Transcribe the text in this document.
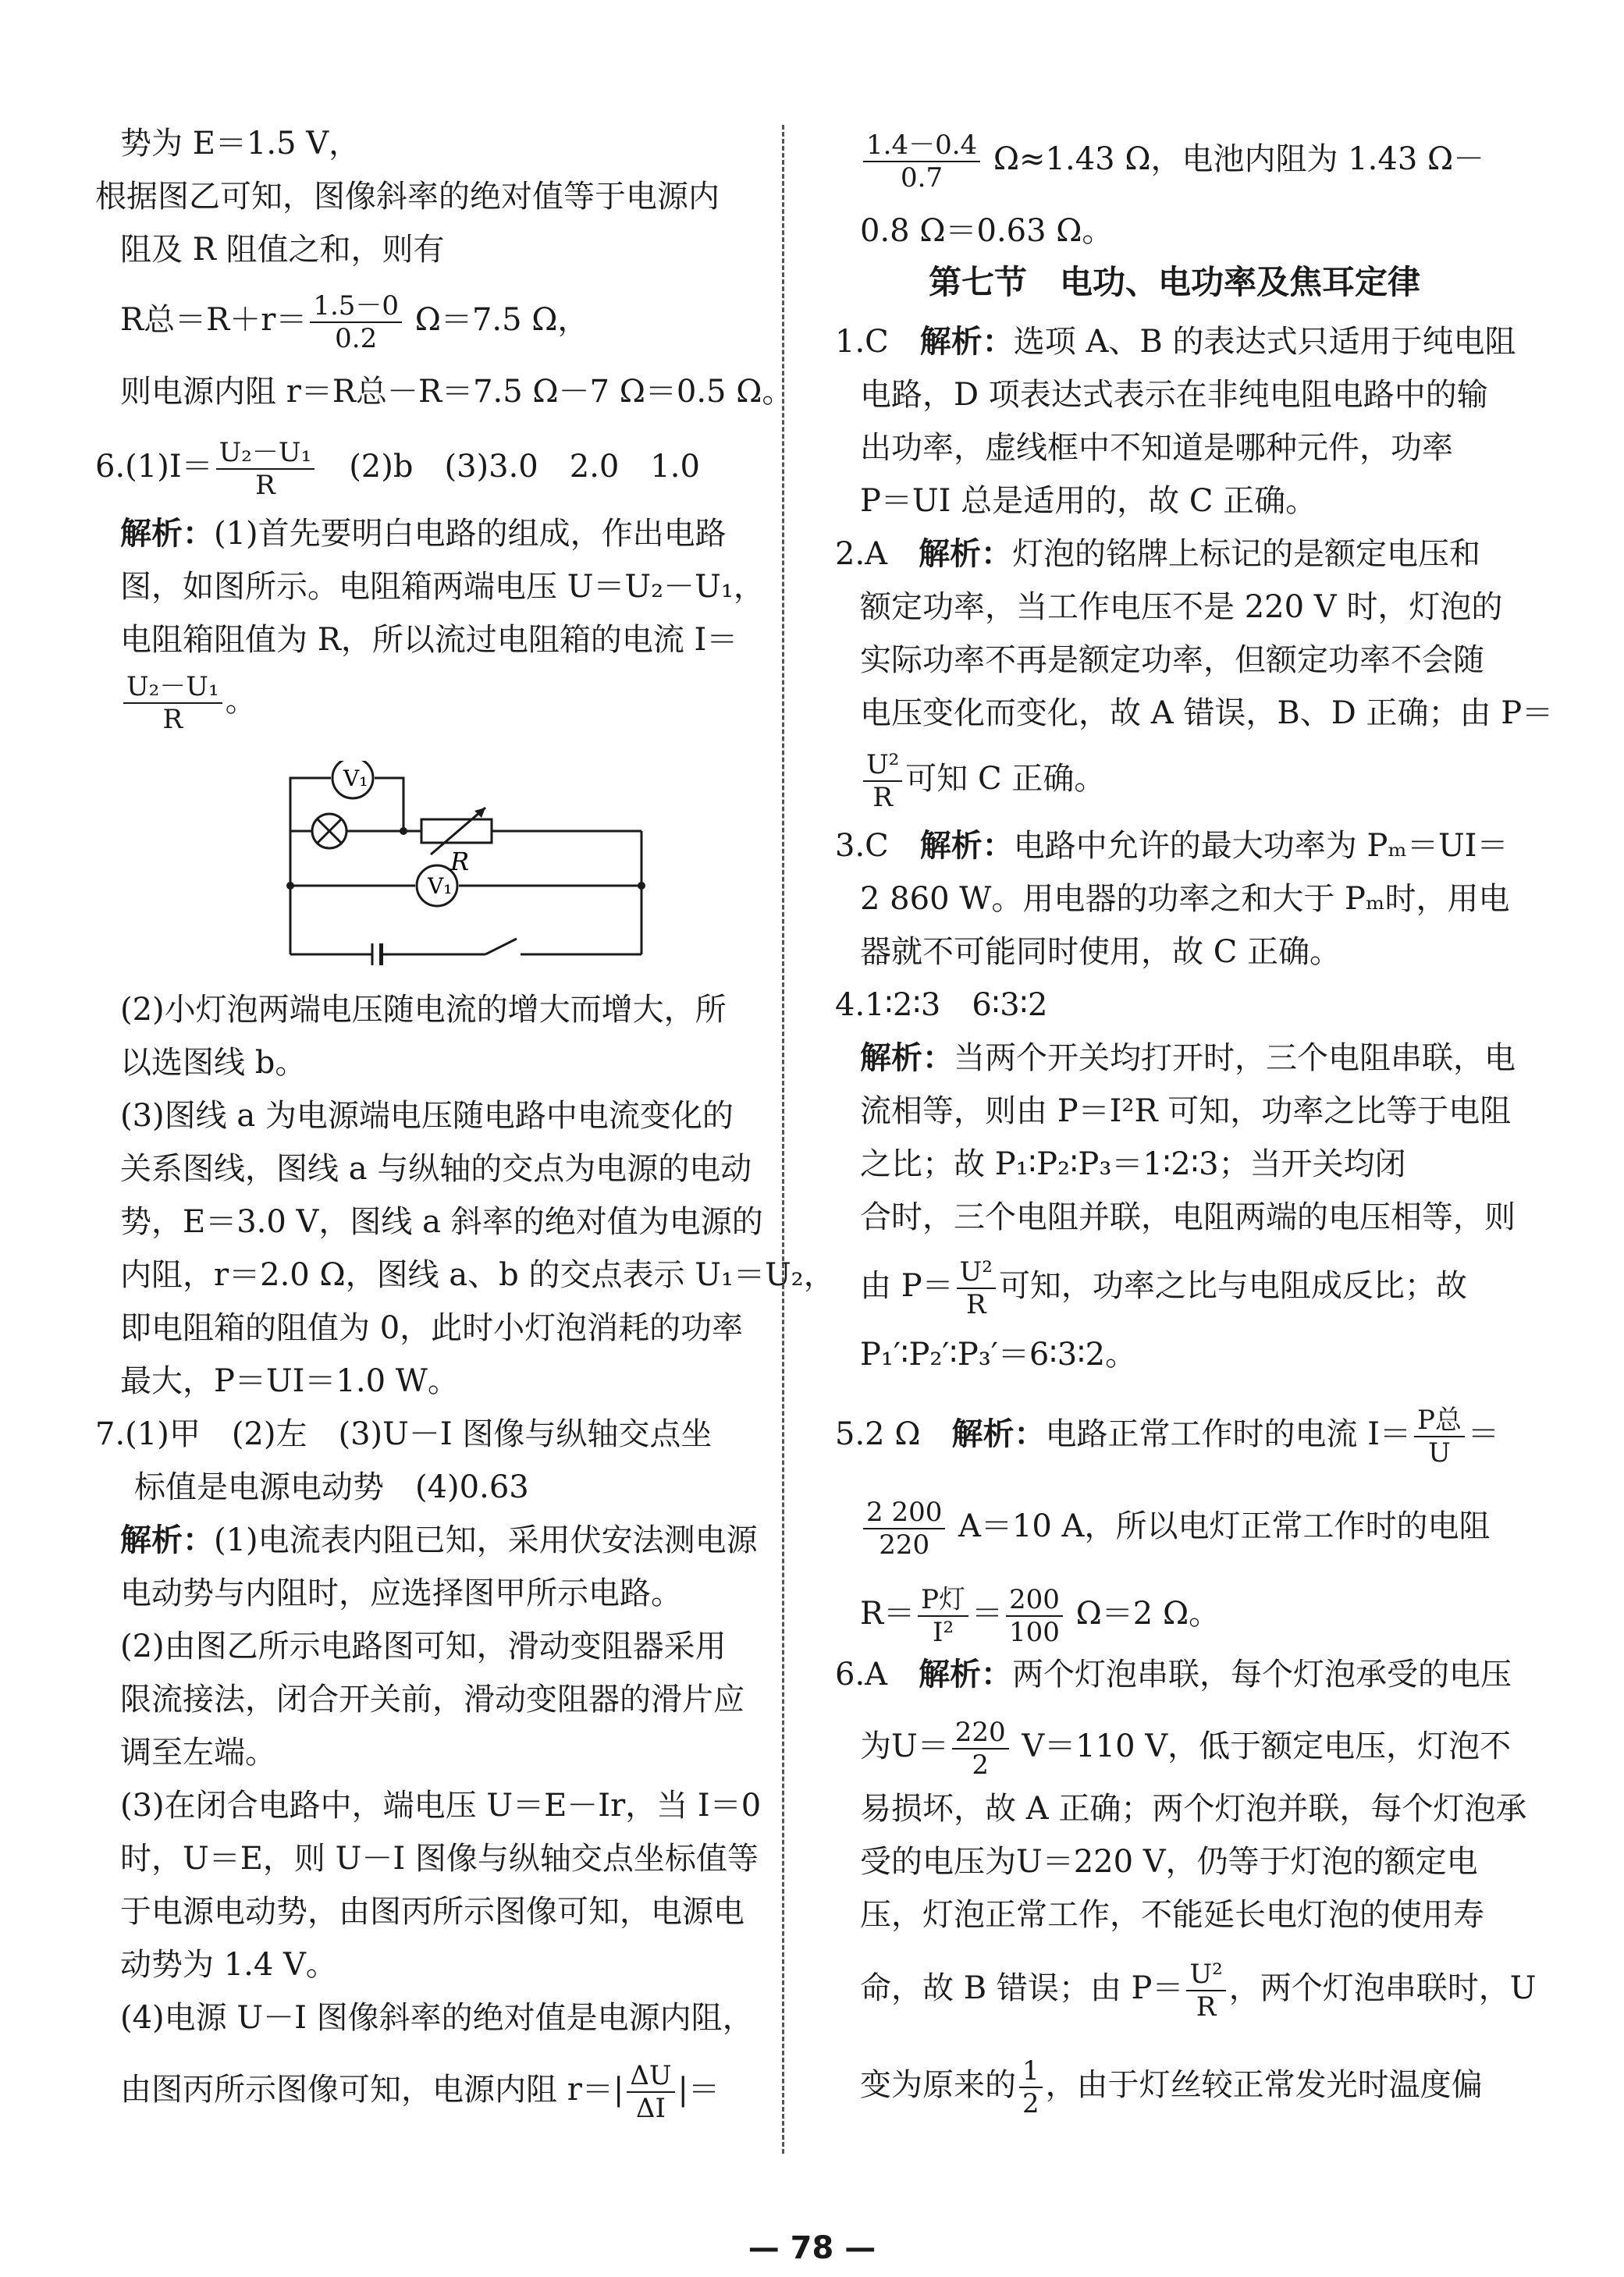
势为 E＝1.5 V，
根据图乙可知，图像斜率的绝对值等于电源内
阻及 R 阻值之和，则有
R总$=R+r= \frac{1.5-0}{0.2} \Omega=7.5$ Ω，
则电源内阻 r＝R总－R＝7.5 Ω－7 Ω＝0.5 Ω。
$6.(1)I= \frac{\text{U₂－U₁}}{R}$ 　(2)b　(3)3.0　2.0　1.0
解析：(1)首先要明白电路的组成，作出电路
图，如图所示。电阻箱两端电压 U＝U₂－U₁，
电阻箱阻值为 R，所以流过电阻箱的电流 I＝
$\frac{\text{U₂－U₁}}{R}$ 。
V₁
V₁
R
(2)小灯泡两端电压随电流的增大而增大，所
以选图线 b。
(3)图线 a 为电源端电压随电路中电流变化的
关系图线，图线 a 与纵轴的交点为电源的电动
势，E＝3.0 V，图线 a 斜率的绝对值为电源的
内阻，r＝2.0 Ω，图线 a、b 的交点表示 U₁＝U₂，
即电阻箱的阻值为 0，此时小灯泡消耗的功率
最大，P＝UI＝1.0 W。
7.(1)甲　(2)左　(3)U－I 图像与纵轴交点坐
标值是电源电动势　(4)0.63
解析：(1)电流表内阻已知，采用伏安法测电源
电动势与内阻时，应选择图甲所示电路。
(2)由图乙所示电路图可知，滑动变阻器采用
限流接法，闭合开关前，滑动变阻器的滑片应
调至左端。
(3)在闭合电路中，端电压 U＝E－Ir，当 I＝0
时，U＝E，则 U－I 图像与纵轴交点坐标值等
于电源电动势，由图丙所示图像可知，电源电
动势为 1.4 V。
(4)电源 U－I 图像斜率的绝对值是电源内阻，
由图丙所示图像可知，电源内阻 $r=| \frac{\Delta U}{\Delta I}$ |＝
$\frac{1.4-0.4}{0.7} \Omega\approx 1.43$ Ω，电池内阻为 1.43 Ω－
0.8 Ω＝0.63 Ω。
第七节　电功、电功率及焦耳定律
1.C　解析：选项 A、B 的表达式只适用于纯电阻
电路，D 项表达式表示在非纯电阻电路中的输
出功率，虚线框中不知道是哪种元件，功率
P＝UI 总是适用的，故 C 正确。
2.A　解析：灯泡的铭牌上标记的是额定电压和
额定功率，当工作电压不是 220 V 时，灯泡的
实际功率不再是额定功率，但额定功率不会随
电压变化而变化，故 A 错误，B、D 正确；由 P＝
$\frac{\text{U²}}{R}$ 可知 C 正确。
3.C　解析：电路中允许的最大功率为 Pₘ＝UI＝
2 860 W。用电器的功率之和大于 Pₘ时，用电
器就不可能同时使用，故 C 正确。
4.1∶2∶3　6∶3∶2
解析：当两个开关均打开时，三个电阻串联，电
流相等，则由 P＝I²R 可知，功率之比等于电阻
之比；故 P₁∶P₂∶P₃＝1∶2∶3；当开关均闭
合时，三个电阻并联，电阻两端的电压相等，则
由 $P= \frac{\text{U²}}{R}$ 可知，功率之比与电阻成反比；故
P₁′∶P₂′∶P₃′＝6∶3∶2。
5.2 Ω　解析：电路正常工作时的电流 $I= \frac{\text{P总}}{U}$ ＝
$\frac{2 200}{220} A=10$ A，所以电灯正常工作时的电阻
$R= \frac{\text{P灯}}{\text{I²}} = \frac{200}{100} \Omega=2$ Ω。
6.A　解析：两个灯泡串联，每个灯泡承受的电压
为$U= \frac{220}{2} V=110$ V，低于额定电压，灯泡不
易损坏，故 A 正确；两个灯泡并联，每个灯泡承
受的电压为U＝220 V，仍等于灯泡的额定电
压，灯泡正常工作，不能延长电灯泡的使用寿
命，故 B 错误；由 $P= \frac{\text{U²}}{R}$ ，两个灯泡串联时，U
变为原来的 $\frac{1}{2}$ ，由于灯丝较正常发光时温度偏
— 78 —
